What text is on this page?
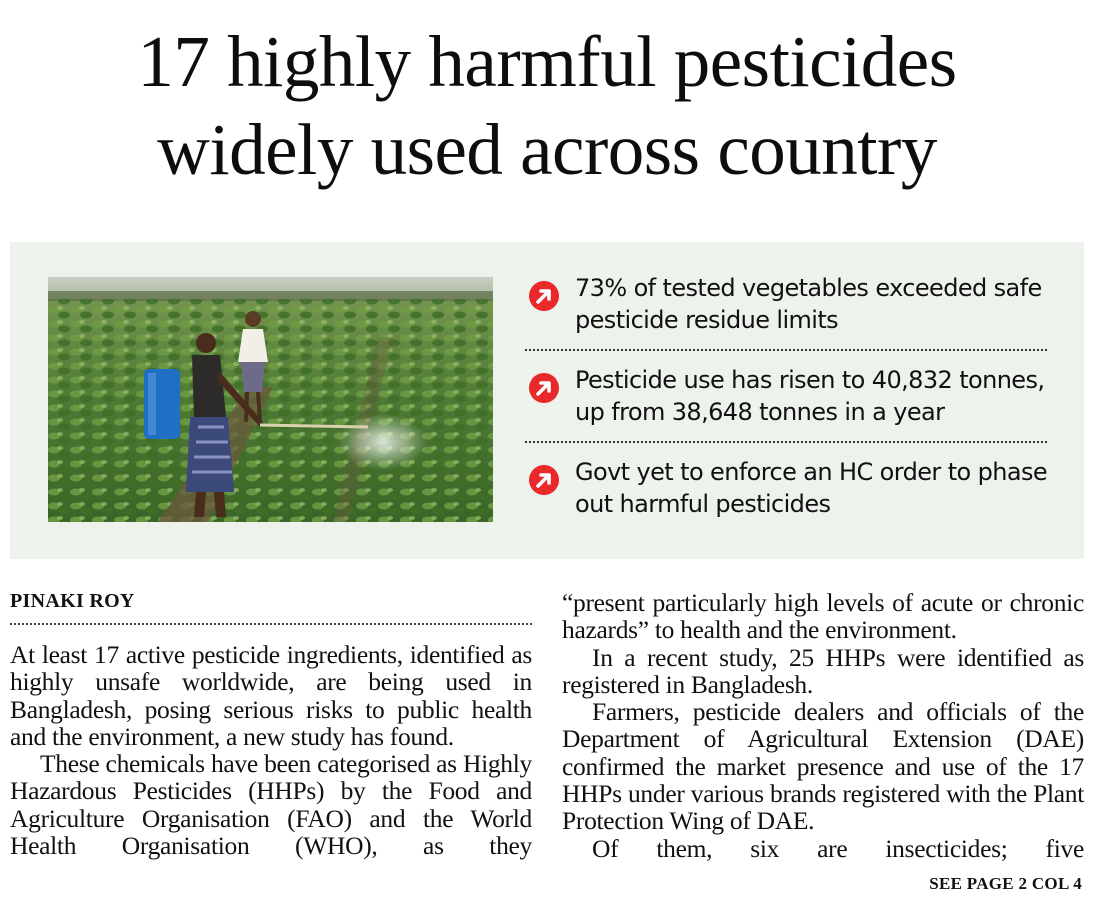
17 highly harmful pesticides
widely used across country
73% of tested vegetables exceeded safe pesticide residue limits
Pesticide use has risen to 40,832 tonnes, up from 38,648 tonnes in a year
Govt yet to enforce an HC order to phase out harmful pesticides
PINAKI ROY

At least 17 active pesticide ingredients, identified as highly unsafe worldwide, are being used in Bangladesh, posing serious risks to public health and the environment, a new study has found.

These chemicals have been categorised as Highly Hazardous Pesticides (HHPs) by the Food and Agriculture Organisation (FAO) and the World Health Organisation (WHO), as they

“present particularly high levels of acute or chronic hazards” to health and the environment.

In a recent study, 25 HHPs were identified as registered in Bangladesh.

Farmers, pesticide dealers and officials of the Department of Agricultural Extension (DAE) confirmed the market presence and use of the 17 HHPs under various brands registered with the Plant Protection Wing of DAE.

Of them, six are insecticides; five

SEE PAGE 2 COL 4
